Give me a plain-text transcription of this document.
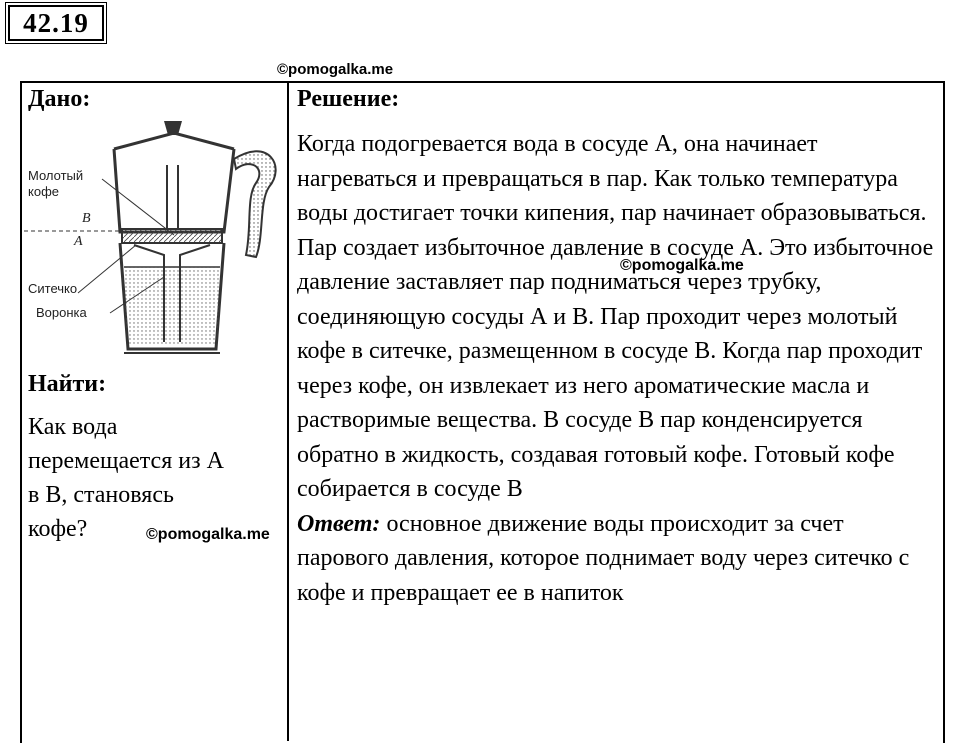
42.19
Дано:	Решение:
Молотый
кофе
B
A
Ситечко
Воронка
Найти:
Как вода
перемещается из А
в В, становясь
кофе?
Когда подогревается вода в сосуде А, она начинает нагреваться и превращаться в пар. Как только температура воды достигает точки кипения, пар начинает образовываться. Пар создает избыточное давление в сосуде А. Это избыточное давление заставляет пар подниматься через трубку, соединяющую сосуды А и В. Пар проходит через молотый кофе в ситечке, размещенном в сосуде В. Когда пар проходит через кофе, он извлекает из него ароматические масла и растворимые вещества. В сосуде В пар конденсируется обратно в жидкость, создавая готовый кофе. Готовый кофе собирается в сосуде В
Ответ: основное движение воды происходит за счет парового давления, которое поднимает воду через ситечко с кофе и превращает ее в напиток
©pomogalka.me
©pomogalka.me
©pomogalka.me
